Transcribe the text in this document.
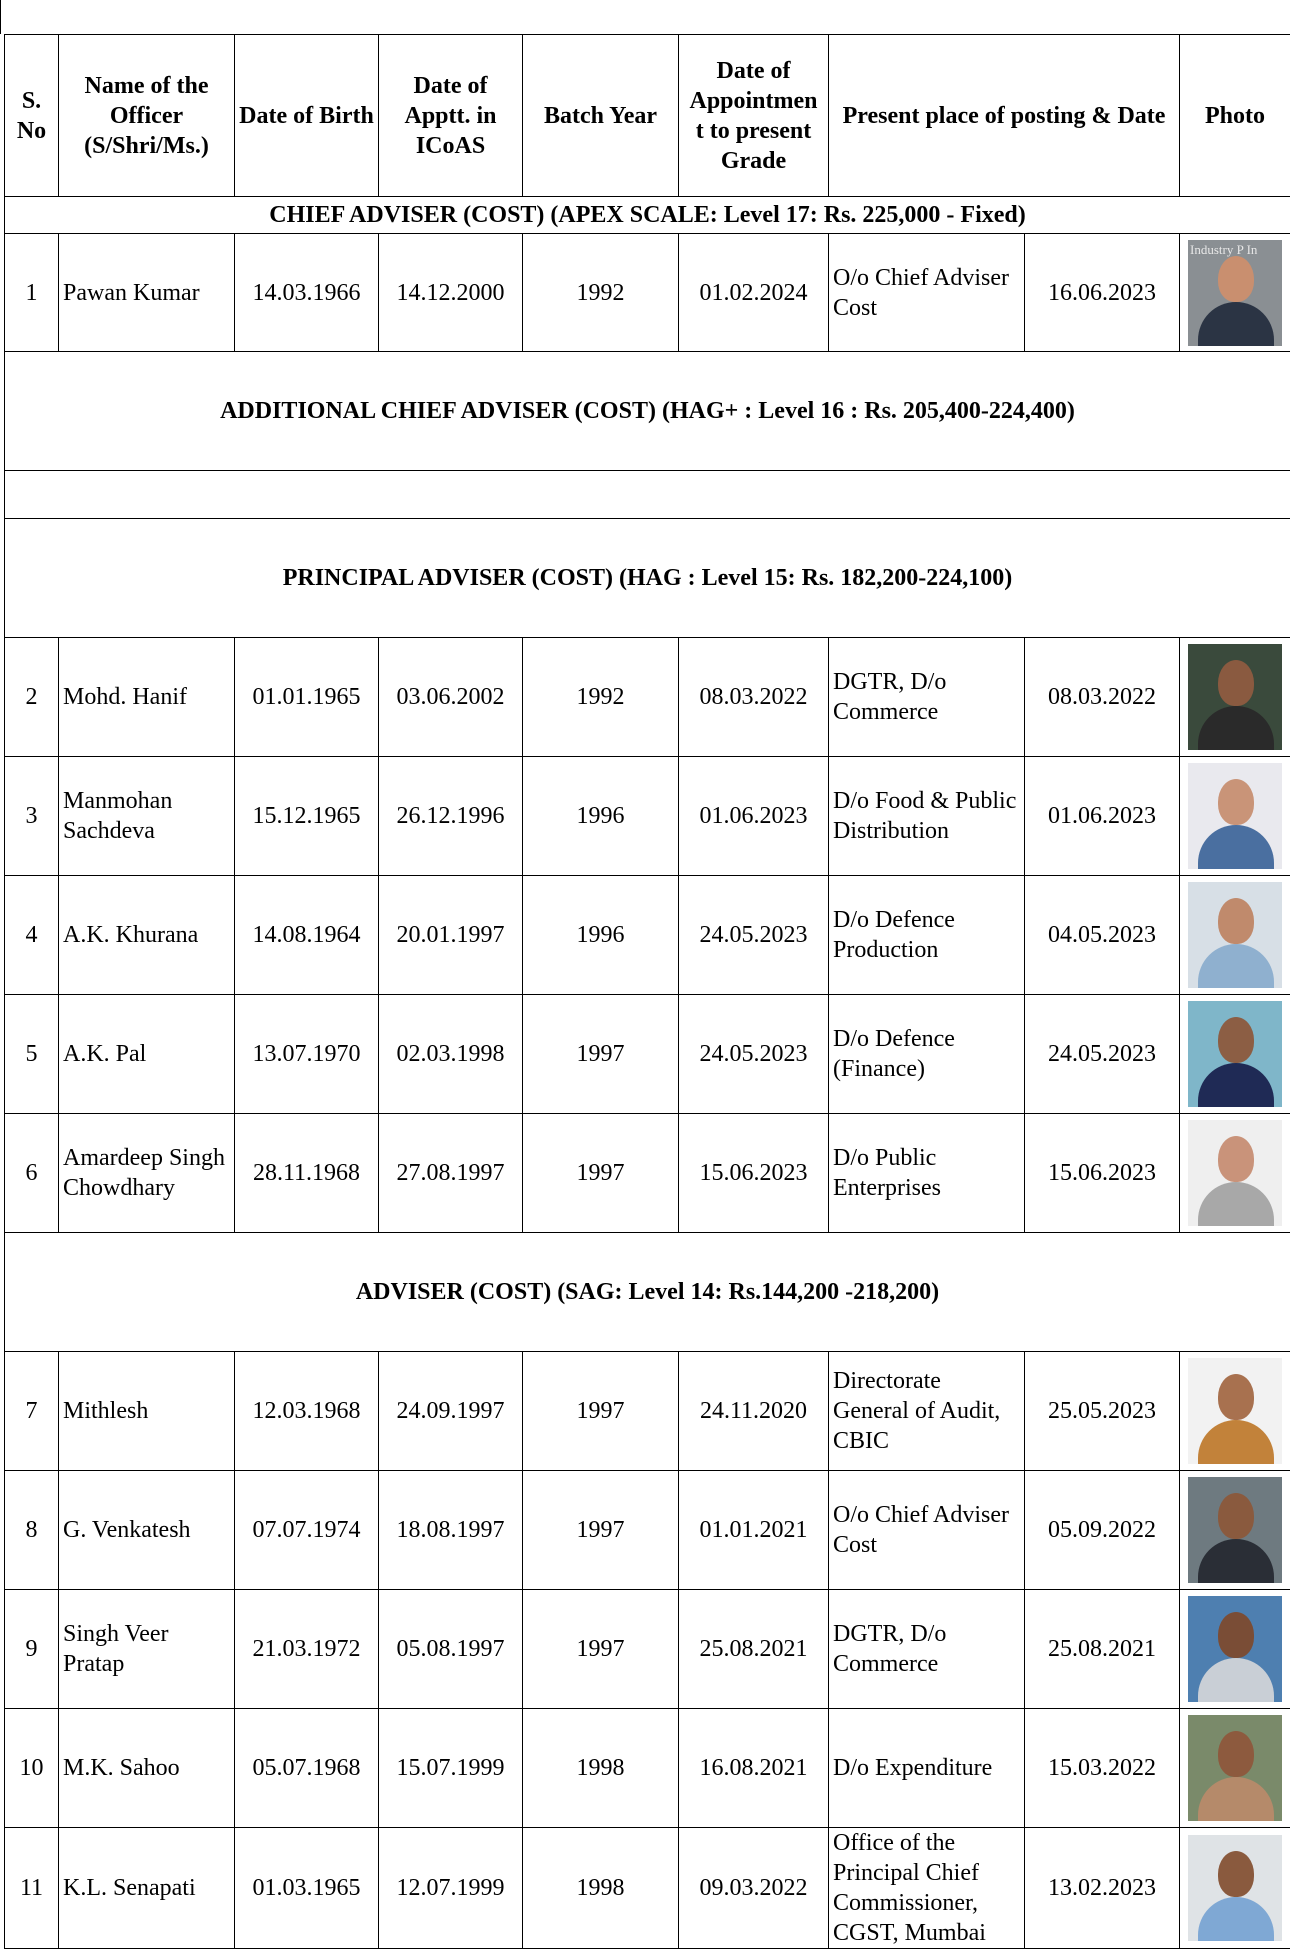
S. No	Name of the Officer (S/Shri/Ms.)	Date of Birth	Date of Apptt. in ICoAS	Batch Year	Date of Appointmen t to present Grade	Present place of posting & Date		Photo
CHIEF ADVISER (COST) (APEX SCALE: Level 17: Rs. 225,000 - Fixed)								
1	Pawan Kumar	14.03.1966	14.12.2000	1992	01.02.2024	O/o Chief Adviser Cost	16.06.2023	Industry P In

ADDITIONAL CHIEF ADVISER (COST) (HAG+ : Level 16 : Rs. 205,400-224,400)								

PRINCIPAL ADVISER (COST) (HAG : Level 15: Rs. 182,200-224,100)								
2	Mohd. Hanif	01.01.1965	03.06.2002	1992	08.03.2022	DGTR, D/o Commerce	08.03.2022	

3	Manmohan Sachdeva	15.12.1965	26.12.1996	1996	01.06.2023	D/o Food & Public Distribution	01.06.2023	

4	A.K. Khurana	14.08.1964	20.01.1997	1996	24.05.2023	D/o Defence Production	04.05.2023	

5	A.K. Pal	13.07.1970	02.03.1998	1997	24.05.2023	D/o Defence (Finance)	24.05.2023	

6	Amardeep Singh Chowdhary	28.11.1968	27.08.1997	1997	15.06.2023	D/o Public Enterprises	15.06.2023	

ADVISER (COST) (SAG: Level 14: Rs.144,200 -218,200)								
7	Mithlesh	12.03.1968	24.09.1997	1997	24.11.2020	Directorate General of Audit, CBIC	25.05.2023	

8	G. Venkatesh	07.07.1974	18.08.1997	1997	01.01.2021	O/o Chief Adviser Cost	05.09.2022	

9	Singh Veer Pratap	21.03.1972	05.08.1997	1997	25.08.2021	DGTR, D/o Commerce	25.08.2021	

10	M.K. Sahoo	05.07.1968	15.07.1999	1998	16.08.2021	D/o Expenditure	15.03.2022	

11	K.L. Senapati	01.03.1965	12.07.1999	1998	09.03.2022	Office of the Principal Chief Commissioner, CGST, Mumbai	13.02.2023	
